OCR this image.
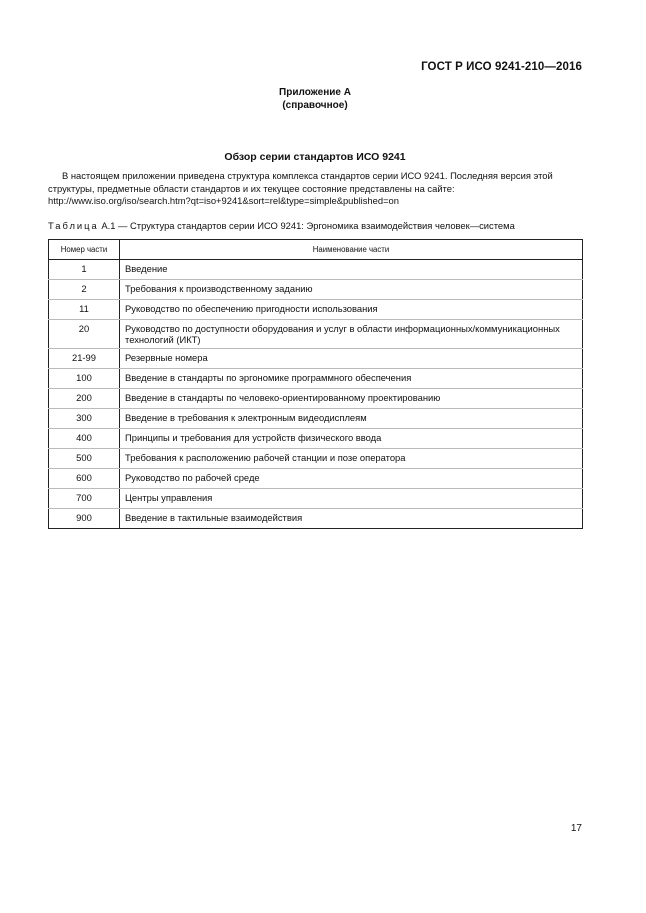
ГОСТ Р ИСО 9241-210—2016
Приложение А
(справочное)
Обзор серии стандартов ИСО 9241
В настоящем приложении приведена структура комплекса стандартов серии ИСО 9241. Последняя версия этой структуры, предметные области стандартов и их текущее состояние представлены на сайте: http://www.iso.org/iso/search.htm?qt=iso+9241&sort=rel&type=simple&published=on
Таблица А.1 — Структура стандартов серии ИСО 9241: Эргономика взаимодействия человек—система
Номер части	Наименование части
1	Введение
2	Требования к производственному заданию
11	Руководство по обеспечению пригодности использования
20	Руководство по доступности оборудования и услуг в области информационных/коммуникационных технологий (ИКТ)
21-99	Резервные номера
100	Введение в стандарты по эргономике программного обеспечения
200	Введение в стандарты по человеко-ориентированному проектированию
300	Введение в требования к электронным видеодисплеям
400	Принципы и требования для устройств физического ввода
500	Требования к расположению рабочей станции и позе оператора
600	Руководство по рабочей среде
700	Центры управления
900	Введение в тактильные взаимодействия
17
